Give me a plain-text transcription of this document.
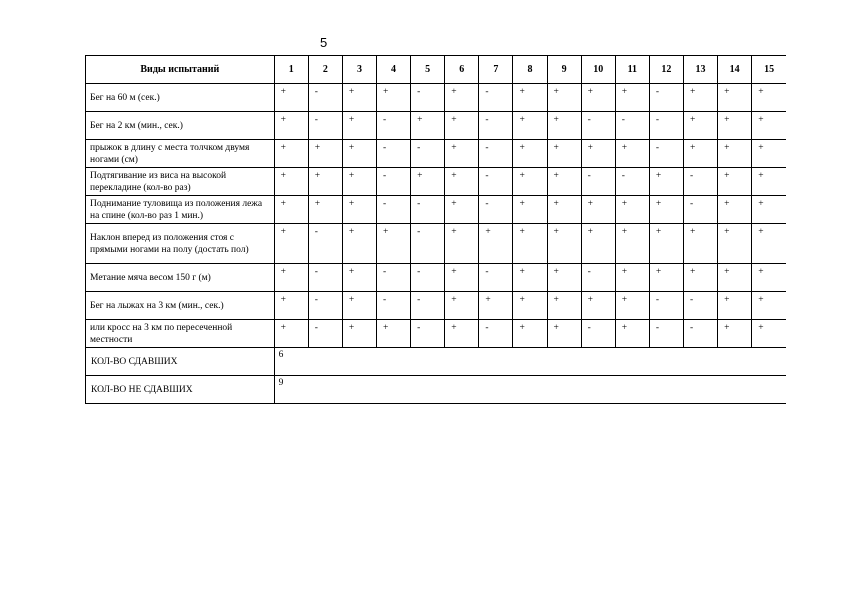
5
Виды испытаний	1	2	3	4	5	6	7	8	9	10	11	12	13	14	15
Бег на 60 м (сек.)	+	-	+	+	-	+	-	+	+	+	+	-	+	+	+
Бег на 2 км (мин., сек.)	+	-	+	-	+	+	-	+	+	-	-	-	+	+	+
прыжок в длину с места толчком двумя ногами (см)	+	+	+	-	-	+	-	+	+	+	+	-	+	+	+
Подтягивание из виса на высокой перекладине (кол-во раз)	+	+	+	-	+	+	-	+	+	-	-	+	-	+	+
Поднимание туловища из положения лежа на спине (кол-во раз 1 мин.)	+	+	+	-	-	+	-	+	+	+	+	+	-	+	+
Наклон вперед из положения стоя с прямыми ногами на полу (достать пол)	+	-	+	+	-	+	+	+	+	+	+	+	+	+	+
Метание мяча весом 150 г (м)	+	-	+	-	-	+	-	+	+	-	+	+	+	+	+
Бег на лыжах на 3 км (мин., сек.)	+	-	+	-	-	+	+	+	+	+	+	-	-	+	+
или кросс на 3 км по пересеченной местности	+	-	+	+	-	+	-	+	+	-	+	-	-	+	+
КОЛ-ВО СДАВШИХ	6														
КОЛ-ВО НЕ СДАВШИХ	9														
